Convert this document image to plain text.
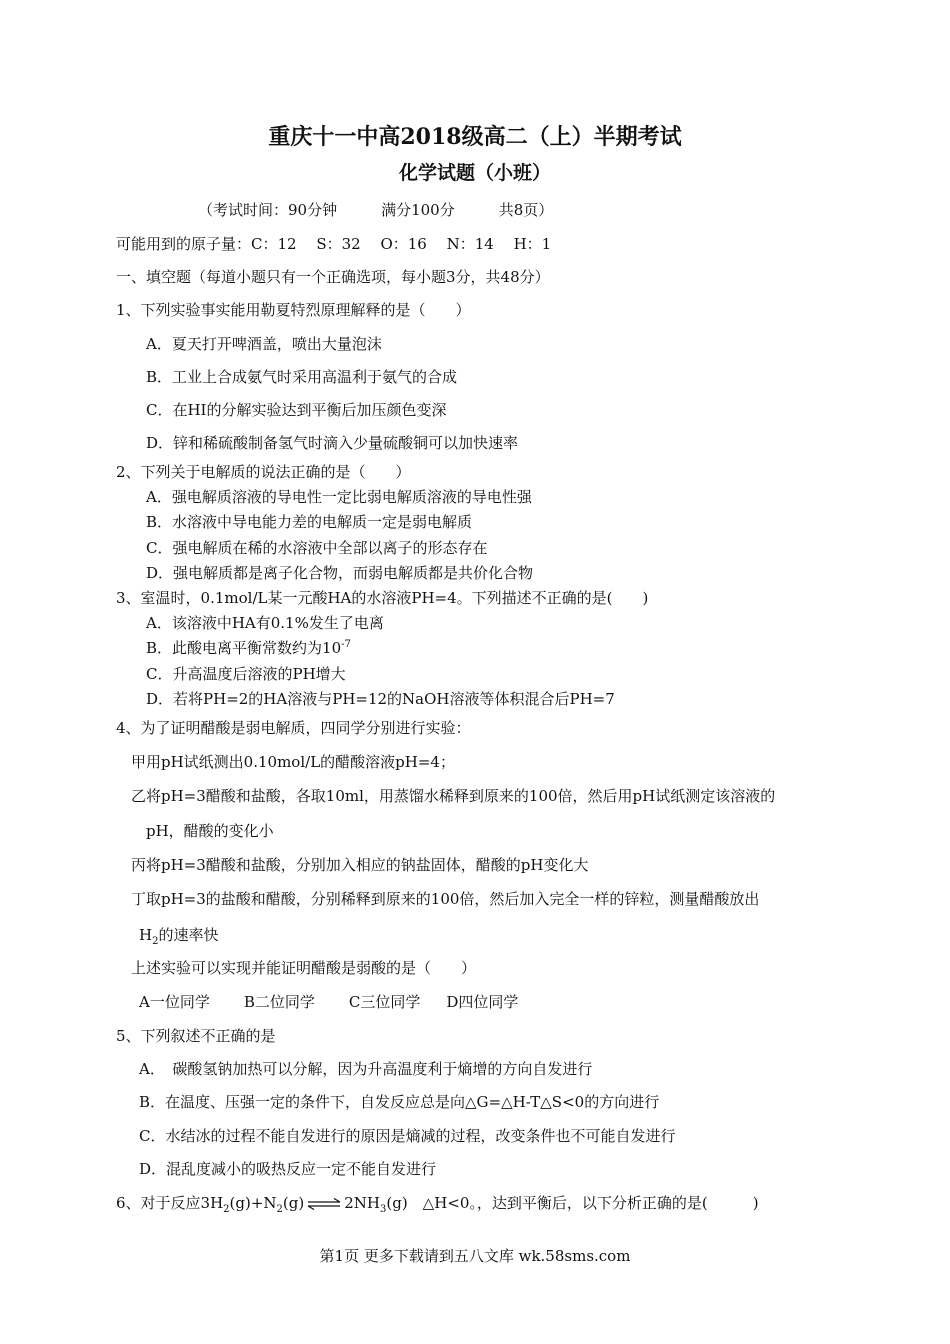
重庆十一中高2018级高二（上）半期考试
化学试题（小班）
（考试时间：90分钟	满分100分	共8页）
可能用到的原子量：C：12　 S：32　 O：16　 N：14　 H：1
一、填空题（每道小题只有一个正确选项，每小题3分，共48分）
1、下列实验事实能用勒夏特烈原理解释的是（　　）
A．夏天打开啤酒盖，喷出大量泡沫
B．工业上合成氨气时采用高温利于氨气的合成
C．在HI的分解实验达到平衡后加压颜色变深
D．锌和稀硫酸制备氢气时滴入少量硫酸铜可以加快速率
2、下列关于电解质的说法正确的是（　　）
A．强电解质溶液的导电性一定比弱电解质溶液的导电性强
B．水溶液中导电能力差的电解质一定是弱电解质
C．强电解质在稀的水溶液中全部以离子的形态存在
D．强电解质都是离子化合物，而弱电解质都是共价化合物
3、室温时，0.1mol/L某一元酸HA的水溶液PH=4。下列描述不正确的是(　　)
A．该溶液中HA有0.1%发生了电离
B．此酸电离平衡常数约为$10^{-7}$
C．升高温度后溶液的PH增大
D．若将PH=2的HA溶液与PH=12的NaOH溶液等体积混合后PH=7
4、为了证明醋酸是弱电解质，四同学分别进行实验：
甲用pH试纸测出0.10mol/L的醋酸溶液pH=4；
乙将pH=3醋酸和盐酸，各取10ml，用蒸馏水稀释到原来的100倍，然后用pH试纸测定该溶液的
pH，醋酸的变化小
丙将pH=3醋酸和盐酸，分别加入相应的钠盐固体，醋酸的pH变化大
丁取pH=3的盐酸和醋酸，分别稀释到原来的100倍，然后加入完全一样的锌粒，测量醋酸放出
$H_2$的速率快
上述实验可以实现并能证明醋酸是弱酸的是（　　）
A一位同学 B二位同学 C三位同学 D四位同学
5、下列叙述不正确的是
A．　碳酸氢钠加热可以分解，因为升高温度利于熵增的方向自发进行
B．在温度、压强一定的条件下，自发反应总是向△G=△H-T△S<0的方向进行
C．水结冰的过程不能自发进行的原因是熵减的过程，改变条件也不可能自发进行
D．混乱度减小的吸热反应一定不能自发进行
6、对于反应$3H_2(g)+N_2(g)$ ⇌ $2NH_3(g)$　△H<0。，达到平衡后，以下分析正确的是(　　　)
第1页 更多下载请到五八文库 wk.58sms.com
